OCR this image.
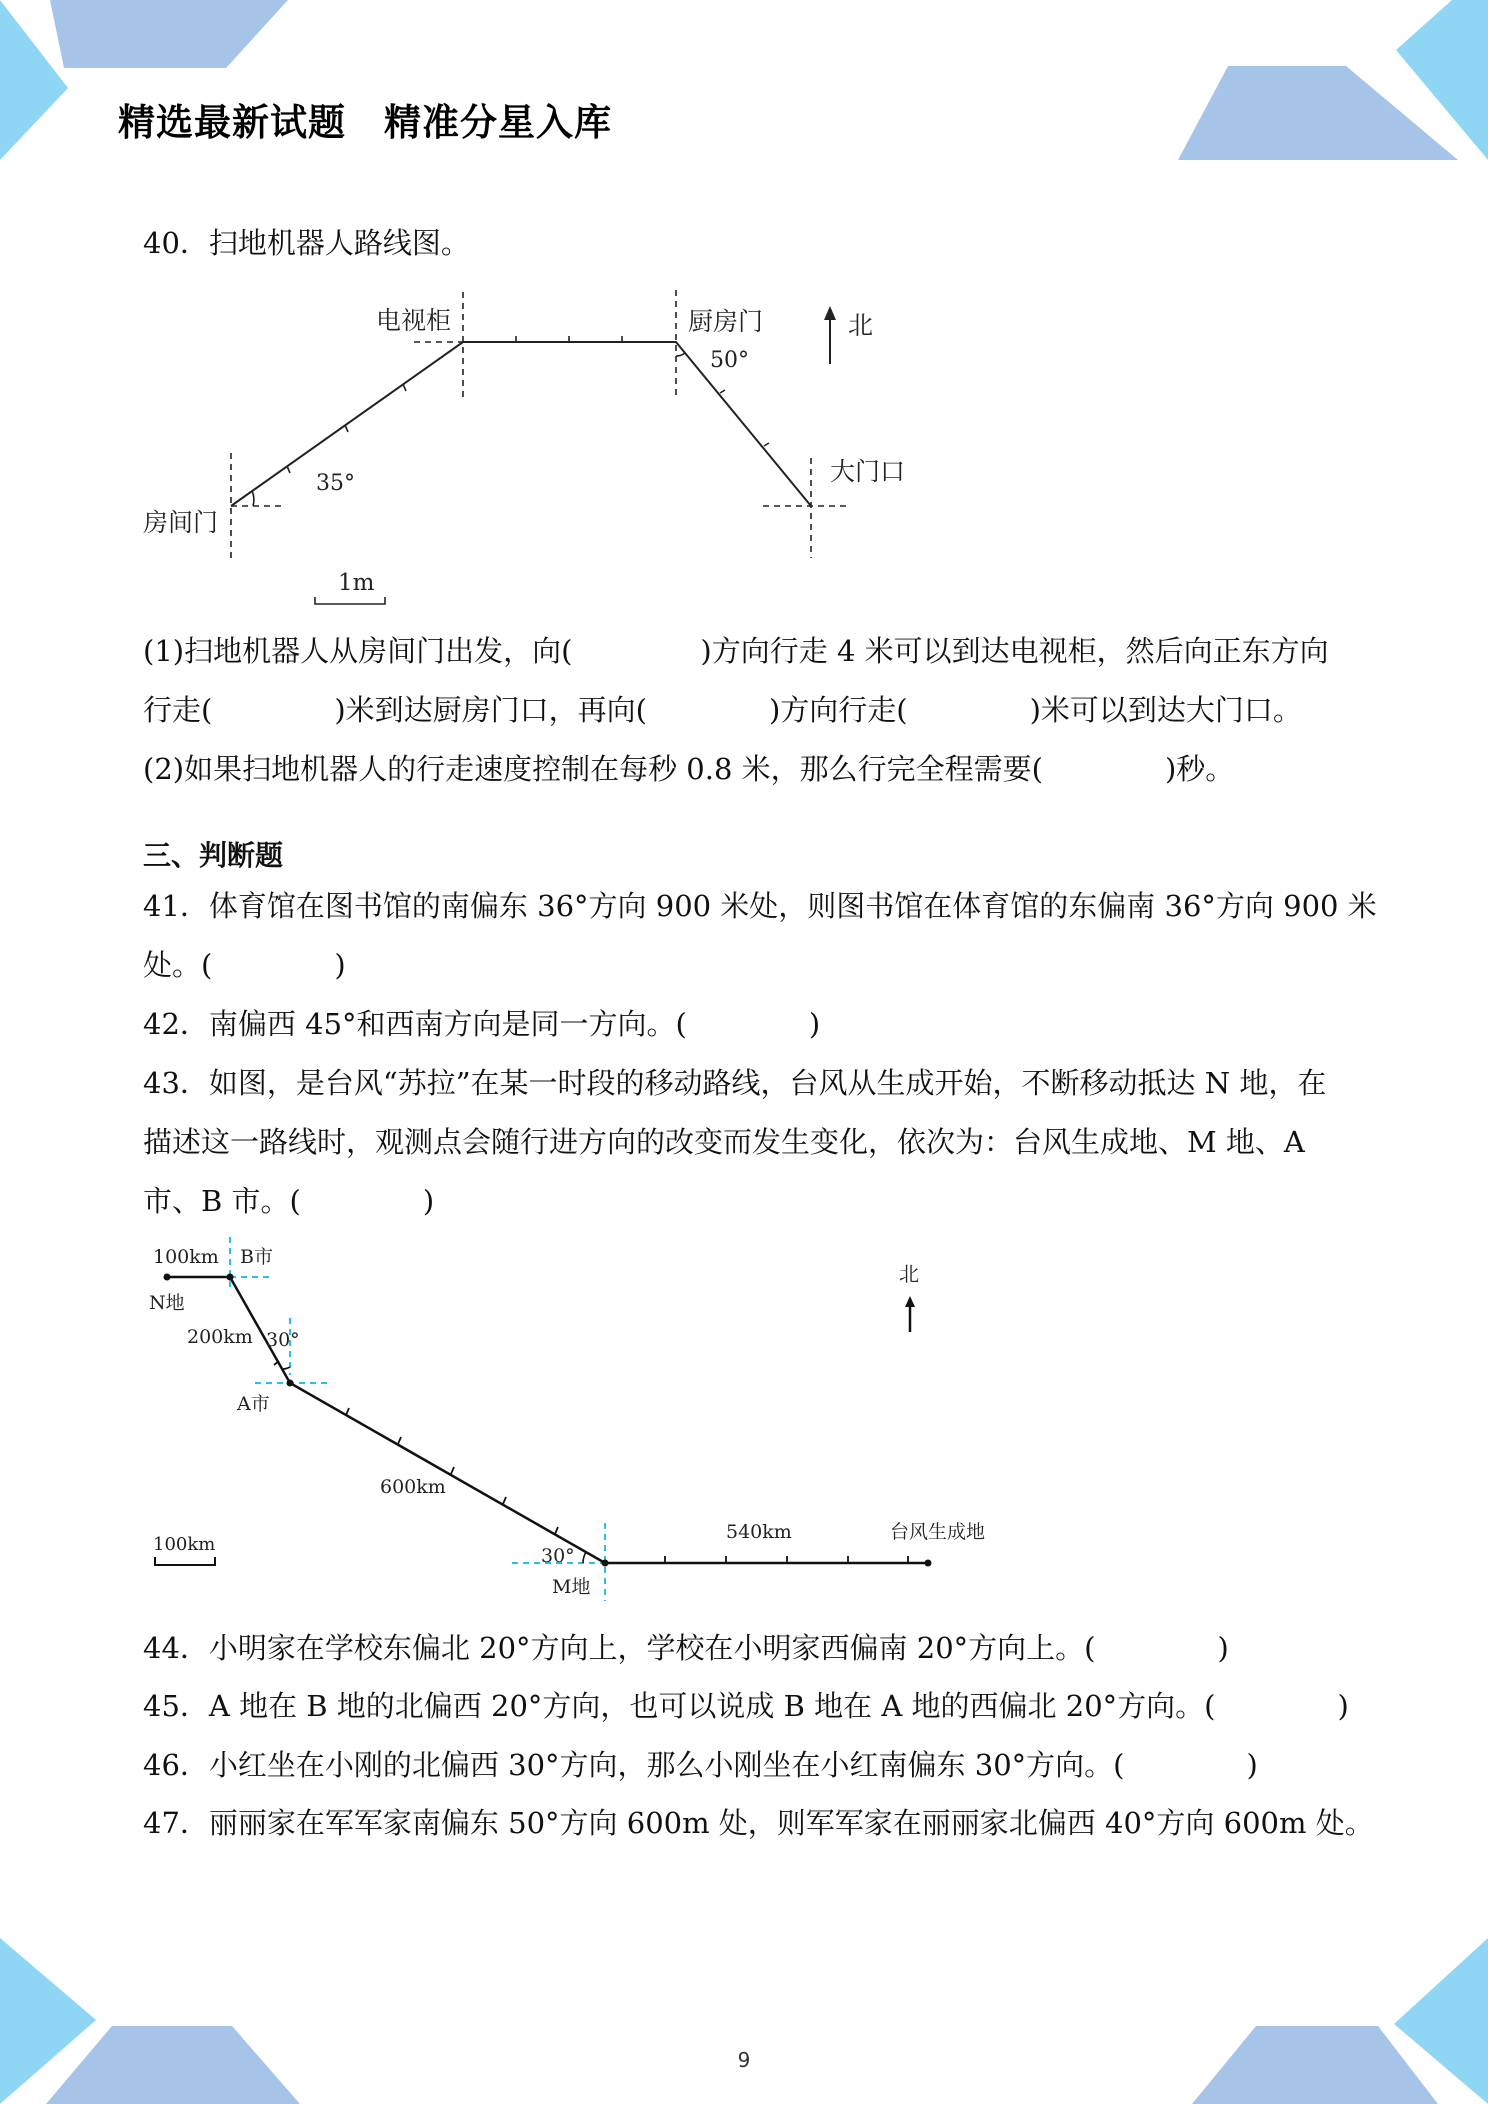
精选最新试题　精准分星入库
40．扫地机器人路线图。
电视柜	厨房门
50°
北
大门口
35°
房间门
1m
(1)扫地机器人从房间门出发，向(	)方向行走 4 米可以到达电视柜，然后向正东方向
行走(	)米到达厨房门口，再向(	)方向行走(	)米可以到达大门口。
(2)如果扫地机器人的行走速度控制在每秒 0.8 米，那么行完全程需要(	)秒。
三、判断题
41．体育馆在图书馆的南偏东 36°方向 900 米处，则图书馆在体育馆的东偏南 36°方向 900 米
处。(	)
42．南偏西 45°和西南方向是同一方向。(	)
43．如图，是台风“苏拉”在某一时段的移动路线，台风从生成开始，不断移动抵达 N 地，在
描述这一路线时，观测点会随行进方向的改变而发生变化，依次为：台风生成地、M 地、A
市、B 市。(	)
100km B市
N地
200km 30°
A市
北
600km
540km	台风生成地
100km
30°
M地
44．小明家在学校东偏北 20°方向上，学校在小明家西偏南 20°方向上。(	)
45．A 地在 B 地的北偏西 20°方向，也可以说成 B 地在 A 地的西偏北 20°方向。(	)
46．小红坐在小刚的北偏西 30°方向，那么小刚坐在小红南偏东 30°方向。(	)
47．丽丽家在军军家南偏东 50°方向 600m 处，则军军家在丽丽家北偏西 40°方向 600m 处。
9
